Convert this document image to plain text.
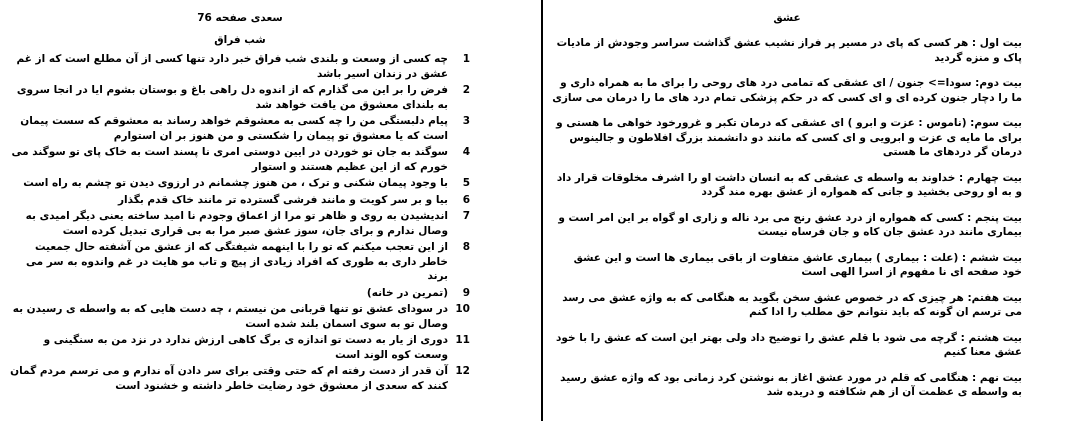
سعدی صفحه 76

شب فراق

1
چه کسی از وسعت و بلندی شب فراق خبر دارد تنها کسی از آن مطلع است که از غم عشق در زندان اسیر باشد
2
فرض را بر این می گذارم که از اندوه دل راهی باغ و بوستان بشوم ایا در انجا سروی به بلندای معشوق من یافت خواهد شد
3
پیام دلبستگی من را چه کسی به معشوقم خواهد رساند به معشوقم که سست پیمان است که یا معشوق تو پیمان را شکستی و من هنوز بر ان استوارم
4
سوگند به جان تو خوردن در ایین دوستی امری نا پسند است به خاک پای تو سوگند می خورم که از این عظیم هستند و استوار
5
با وجود پیمان شکنی و ترک ، من هنوز چشمانم در ارزوی دیدن تو چشم به راه است
6
بیا و بر سر کویت و مانند فرشی گسترده تر مانند خاک قدم بگذار
7
اندیشیدن به روی و ظاهر تو مرا از اعماق وجودم نا امید ساخته یعنی دیگر امیدی به وصال ندارم و برای جان، سوز عشق صبر مرا به بی قراری تبدیل کرده است
8
از این تعجب میکنم که تو را با اینهمه شیفتگی که از عشق من آشفته حال جمعیت خاطر داری به طوری که افراد زیادی از پیچ و تاب مو هایت در غم واندوه به سر می برند
9
(تمرین در خانه)
10
در سودای عشق تو تنها قربانی من نیستم ، چه دست هایی که به واسطه ی رسیدن به وصال تو به سوی اسمان بلند شده است
11
دوری از یار به دست تو اندازه ی برگ کاهی ارزش ندارد در نزد من به سنگینی و وسعت کوه الوند است
12
آن قدر از دست رفته ام که حتی وقتی برای سر دادن آه ندارم و می ترسم مردم گمان کنند که سعدی از معشوق خود رضایت خاطر داشته و خشنود است

عشق

بیت اول : هر کسی که پای در مسیر پر فراز نشیب عشق گذاشت سراسر وجودش از مادیات پاک و منزه گردید

بیت دوم: سودا=> جنون / ای عشقی که تمامی درد های روحی را برای ما به همراه داری و ما را دچار جنون کرده ای و ای کسی که در حکم پزشکی تمام درد های ما را درمان می سازی

بیت سوم: (ناموس : عزت و ابرو ) ای عشقی که درمان تکبر و غرورخود خواهی ما هستی و برای ما مایه ی عزت و ابرویی و ای کسی که مانند دو دانشمند بزرگ افلاطون و جالینوس درمان گر دردهای ما هستی

بیت چهارم : خداوند به واسطه ی عشقی که به انسان داشت او را اشرف مخلوقات قرار داد و به او روحی بخشید و جانی که همواره از عشق بهره مند گردد

بیت پنجم : کسی که همواره از درد عشق رنج می برد ناله و زاری او گواه بر این امر است و بیماری مانند درد عشق جان کاه و جان فرساه نیست

بیت ششم : (علت : بیماری ) بیماری عاشق متفاوت از باقی بیماری ها است و این عشق خود صفحه ای نا مفهوم از اسرا الهی است

بیت هفتم: هر چیزی که در خصوص عشق سخن بگوید به هنگامی که به واژه عشق می رسد می ترسم ان گونه که باید نتوانم حق مطلب را ادا کنم

بیت هشتم : گرچه می شود با قلم عشق را توضیح داد ولی بهتر این است که عشق را با خود عشق معنا کنیم

بیت نهم : هنگامی که قلم در مورد عشق اغاز به نوشتن کرد زمانی بود که واژه عشق رسید به واسطه ی عظمت آن از هم شکافته و دریده شد
